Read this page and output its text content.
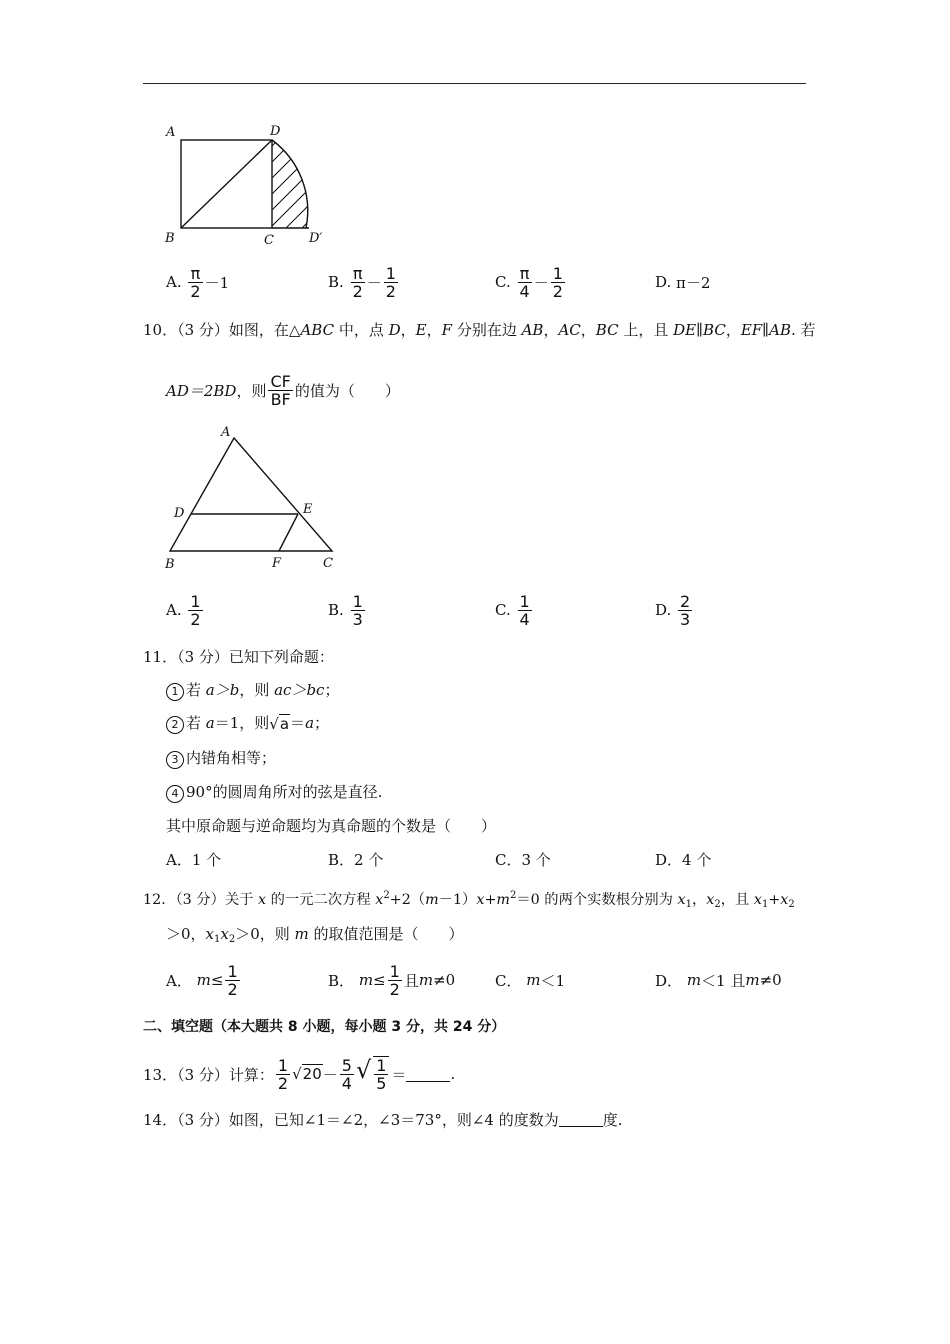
A	D
B	C	D′
A.
$\frac{\pi}{2} -1$	B.
$\frac{\pi}{2} - \frac{1}{2}$	C.
$\frac{\pi}{4} - \frac{1}{2}$	D.
π－2
10．（3 分）如图，在△ABC 中，点 D，E，F 分别在边 AB，AC，BC 上，且 DE∥BC，EF∥AB. 若
AD＝2BD ，则 $\frac{CF}{BF}$ 的值为（　　）
A
D	E
B	F	C
A.
$\frac{1}{2}$	B.
$\frac{1}{3}$	C.
$\frac{1}{4}$	D.
$\frac{2}{3}$
11．（3 分）已知下列命题：
1 若 a＞b，则 ac＞bc；
2 若 a＝1，则√a＝a；
3 内错角相等；
4 90°的圆周角所对的弦是直径.
其中原命题与逆命题均为真命题的个数是（　　）
A．1 个	B．2 个	C．3 个	D．4 个
12．（3 分）关于 x 的一元二次方程 $x^2+2(m-1)x+m^2=0$ 的两个实数根分别为 $x_1$，$x_2$，且 $x_1+x_2$
＞0，$x_1x_2>0$，则 m 的取值范围是（　　）
A．
$m \le \frac{1}{2}$	B．
$m \le \frac{1}{2}$ 且 m ≠0	C．
m ＜1	D．
m ＜1 且 m ≠0
二、填空题（本大题共 8 小题，每小题 3 分，共 24 分）
13．（3 分）计算： $\frac{1}{2} √20 - \frac{5}{4}$ √ $\frac{1}{5}$ ＝	.
14．（3 分）如图，已知∠1＝∠2，∠3＝73°，则∠4 的度数为	度.
